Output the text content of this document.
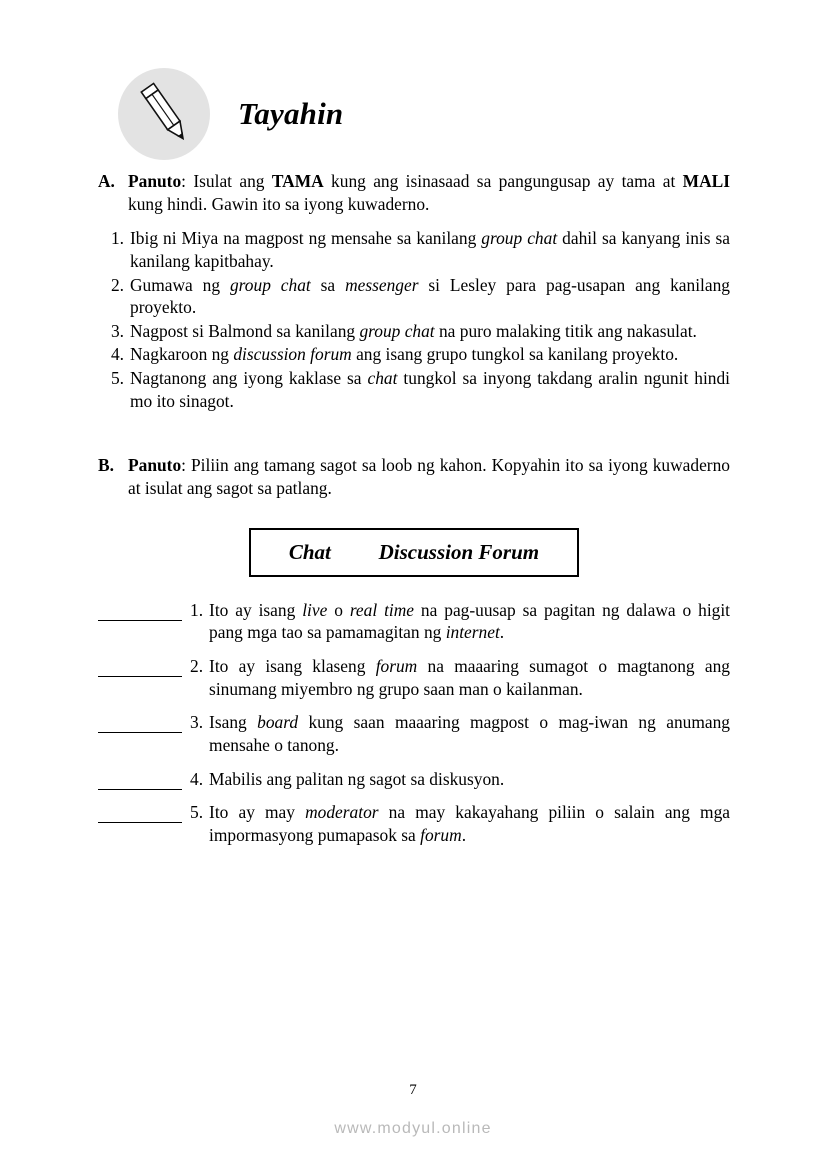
Tayahin
A. Panuto: Isulat ang TAMA kung ang isinasaad sa pangungusap ay tama at MALI kung hindi. Gawin ito sa iyong kuwaderno.
1. Ibig ni Miya na magpost ng mensahe sa kanilang group chat dahil sa kanyang inis sa kanilang kapitbahay.
2. Gumawa ng group chat sa messenger si Lesley para pag-usapan ang kanilang proyekto.
3. Nagpost si Balmond sa kanilang group chat na puro malaking titik ang nakasulat.
4. Nagkaroon ng discussion forum ang isang grupo tungkol sa kanilang proyekto.
5. Nagtanong ang iyong kaklase sa chat tungkol sa inyong takdang aralin ngunit hindi mo ito sinagot.
B. Panuto: Piliin ang tamang sagot sa loob ng kahon. Kopyahin ito sa iyong kuwaderno at isulat ang sagot sa patlang.
Chat Discussion Forum
1. Ito ay isang live o real time na pag-uusap sa pagitan ng dalawa o higit pang mga tao sa pamamagitan ng internet.
2. Ito ay isang klaseng forum na maaaring sumagot o magtanong ang sinumang miyembro ng grupo saan man o kailanman.
3. Isang board kung saan maaaring magpost o mag-iwan ng anumang mensahe o tanong.
4. Mabilis ang palitan ng sagot sa diskusyon.
5. Ito ay may moderator na may kakayahang piliin o salain ang mga impormasyong pumapasok sa forum.
7
www.modyul.online
